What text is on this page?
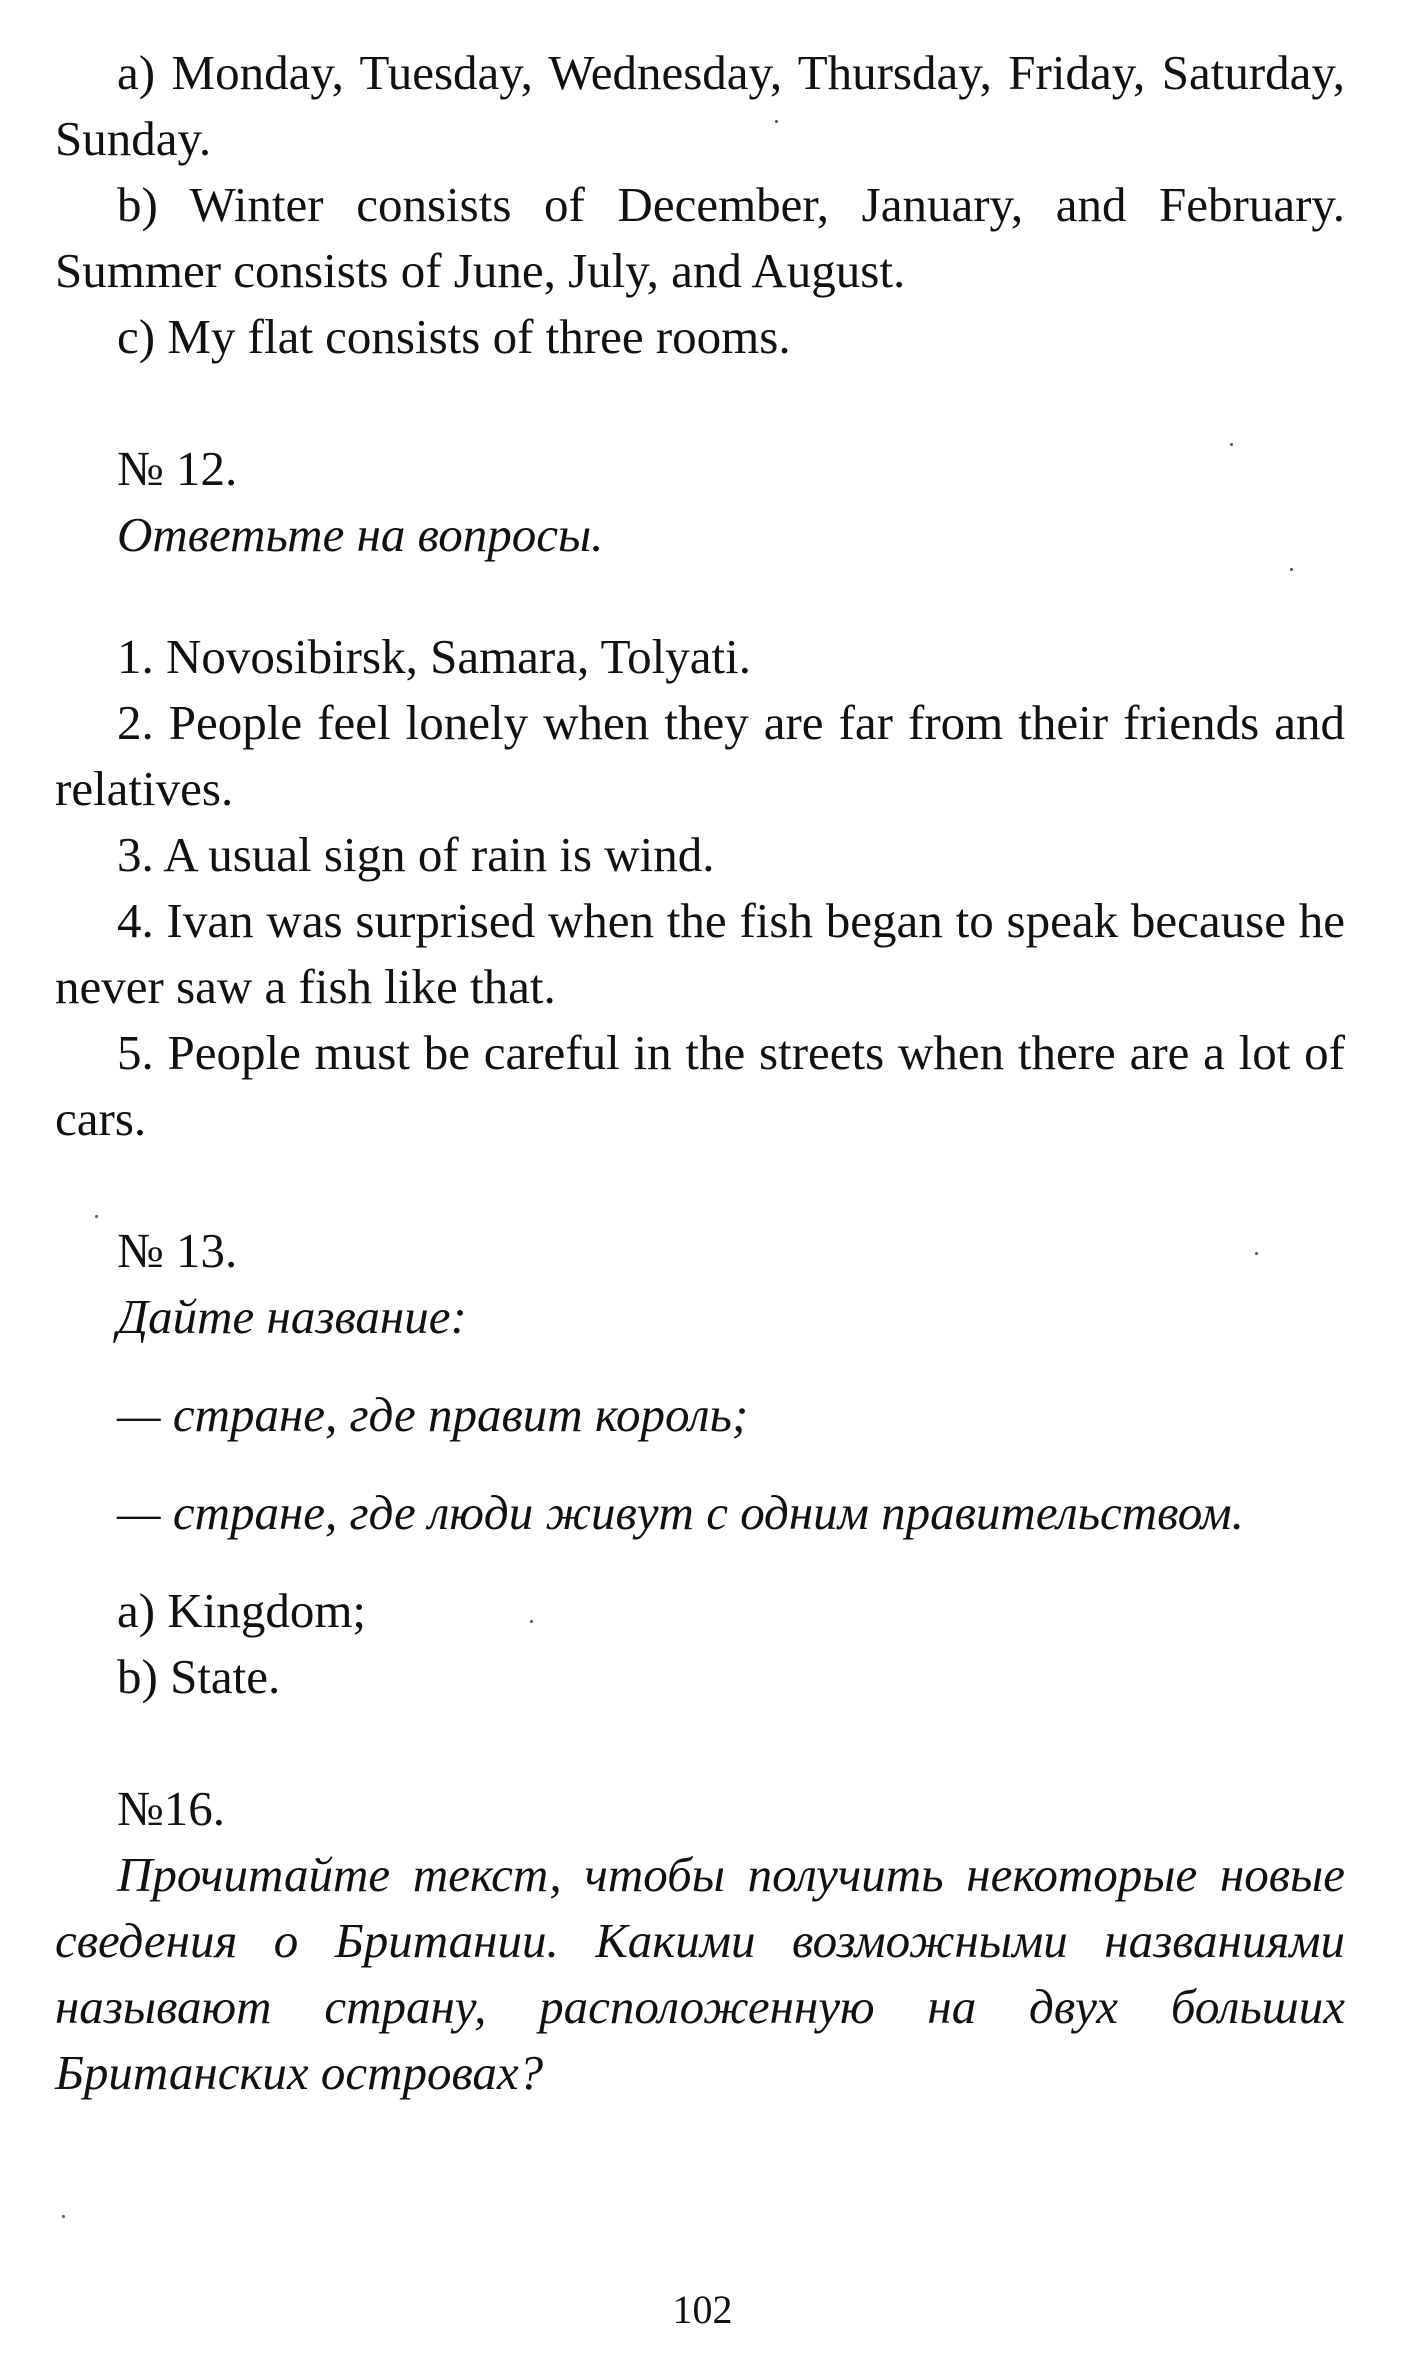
a) Monday, Tuesday, Wednesday, Thursday, Friday, Saturday, Sunday.

b) Winter consists of December, January, and February. Summer consists of June, July, and August.

c) My flat consists of three rooms.

№ 12.

Ответьте на вопросы.

1. Novosibirsk, Samara, Tolyati.

2. People feel lonely when they are far from their friends and relatives.

3. A usual sign of rain is wind.

4. Ivan was surprised when the fish began to speak because he never saw a fish like that.

5. People must be careful in the streets when there are a lot of cars.

№ 13.

Дайте название:

— стране, где правит король;

— стране, где люди живут с одним правительством.

a) Kingdom;

b) State.

№16.

Прочитайте текст, чтобы получить некоторые новые сведения о Британии. Какими возможными названиями называют страну, расположенную на двух больших Британских островах?

102
